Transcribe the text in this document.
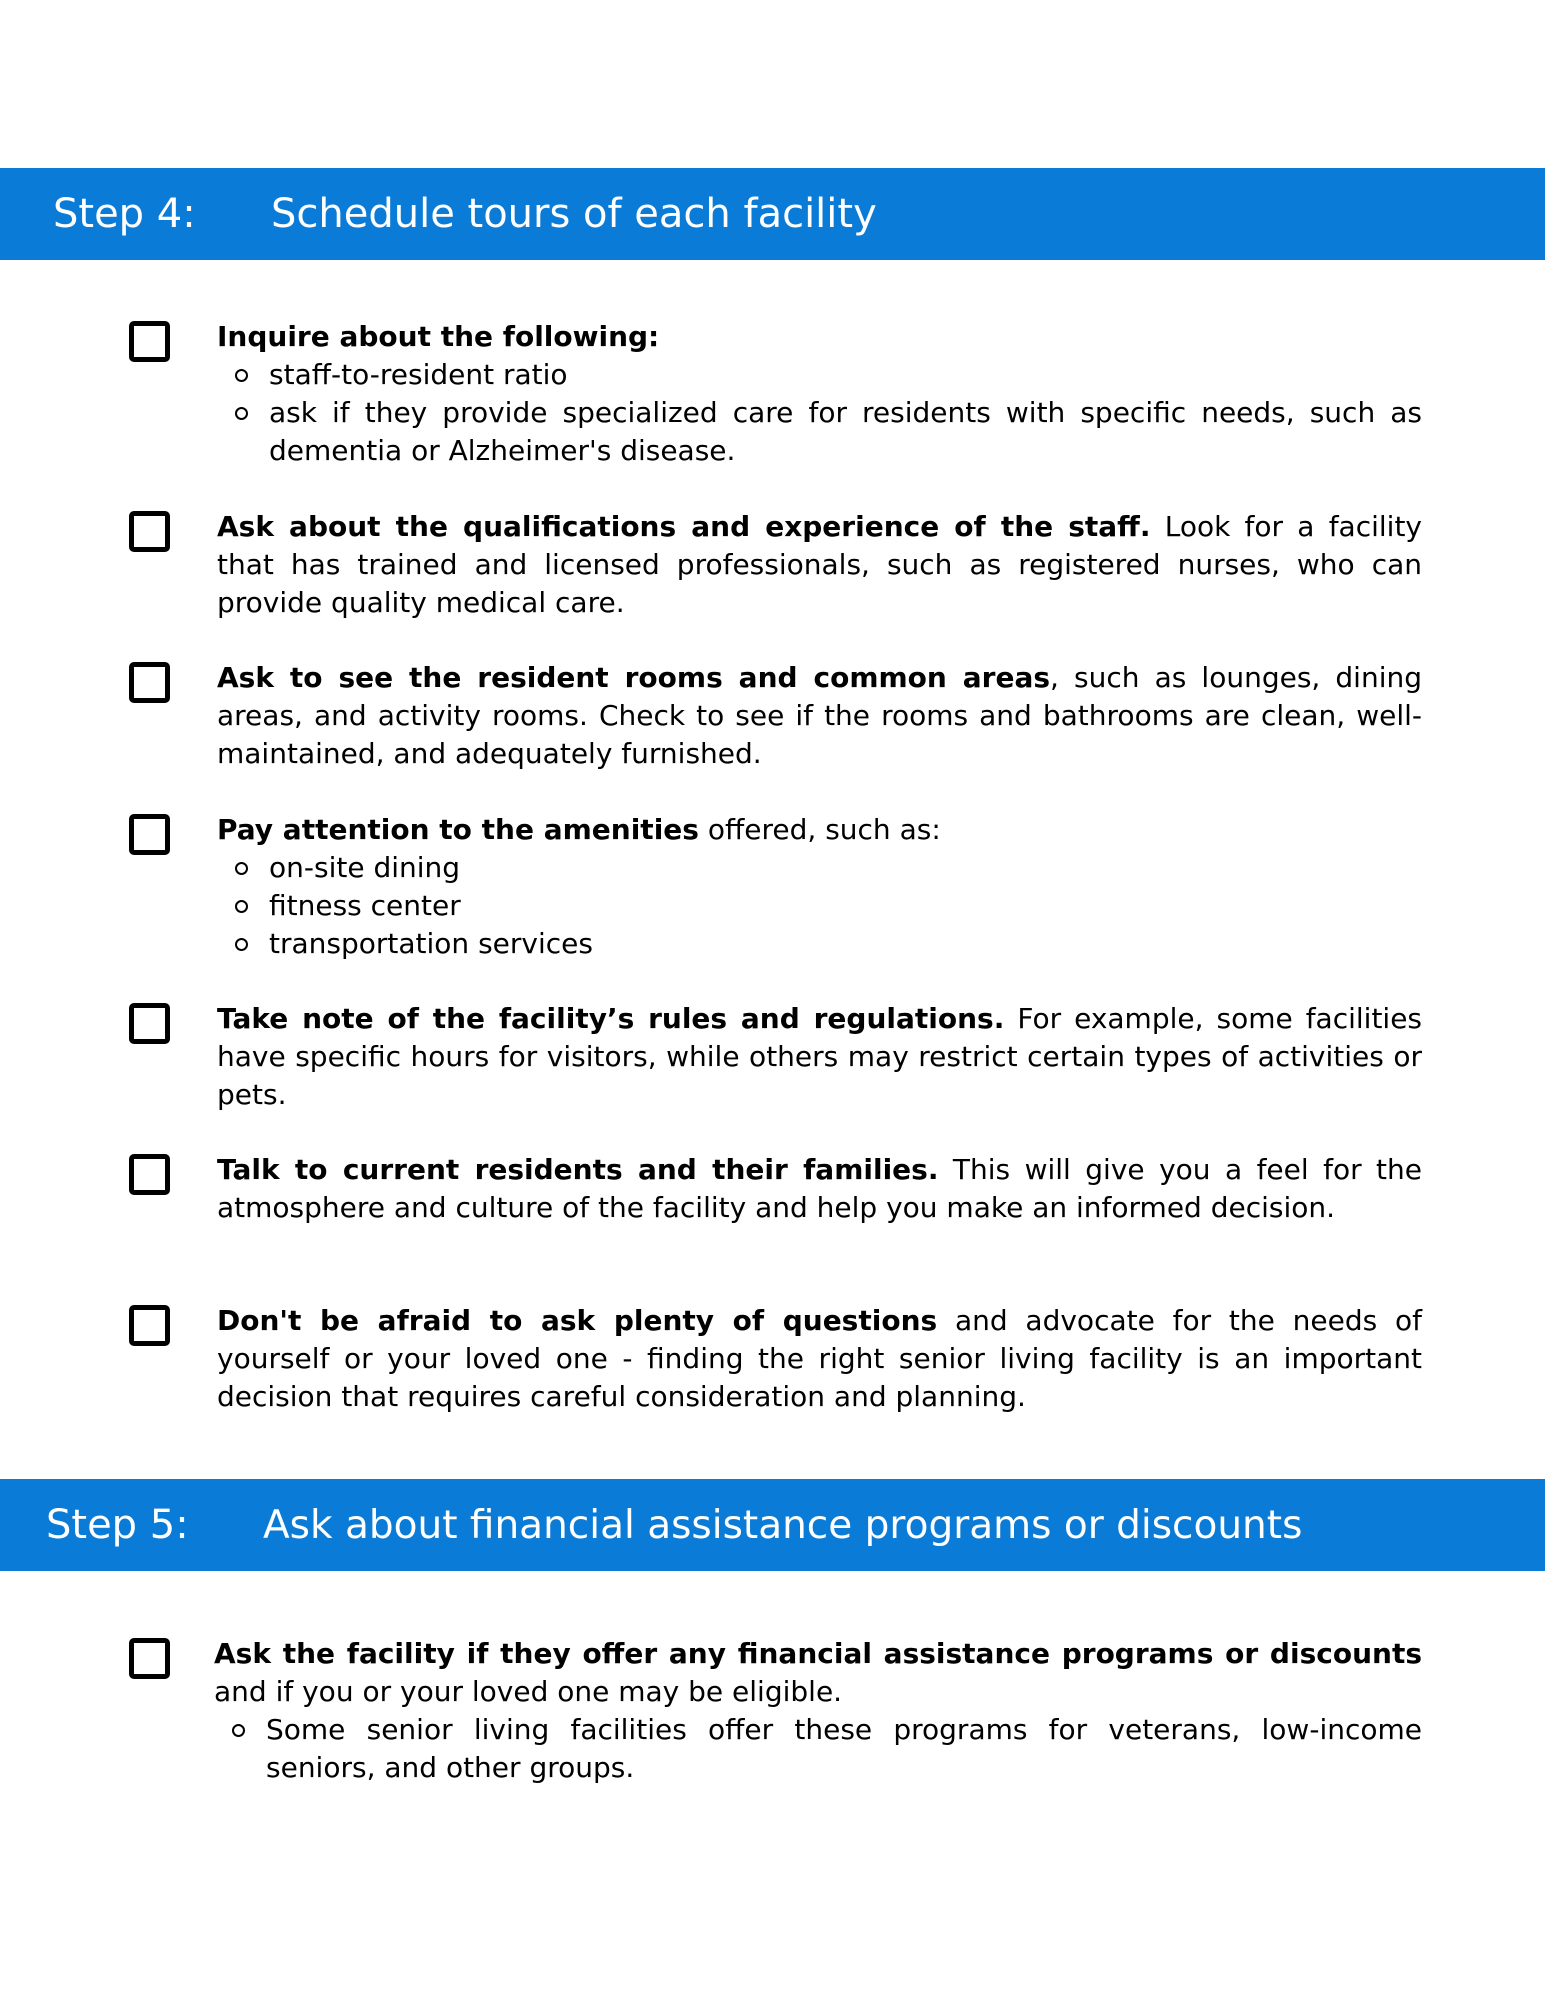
Step 4:	Schedule tours of each facility
Inquire about the following:
staff-to-resident ratio
ask if they provide specialized care for residents with specific needs, such as dementia or Alzheimer's disease.
Ask about the qualifications and experience of the staff. Look for a facility that has trained and licensed professionals, such as registered nurses, who can provide quality medical care.
Ask to see the resident rooms and common areas, such as lounges, dining areas, and activity rooms. Check to see if the rooms and bathrooms are clean, well-maintained, and adequately furnished.
Pay attention to the amenities offered, such as:
on-site dining
fitness center
transportation services
Take note of the facility’s rules and regulations. For example, some facilities have specific hours for visitors, while others may restrict certain types of activities or pets.
Talk to current residents and their families. This will give you a feel for the atmosphere and culture of the facility and help you make an informed decision.
Don't be afraid to ask plenty of questions and advocate for the needs of yourself or your loved one - finding the right senior living facility is an important decision that requires careful consideration and planning.
Step 5:	Ask about financial assistance programs or discounts
Ask the facility if they offer any financial assistance programs or discounts and if you or your loved one may be eligible.
Some senior living facilities offer these programs for veterans, low-income seniors, and other groups.
